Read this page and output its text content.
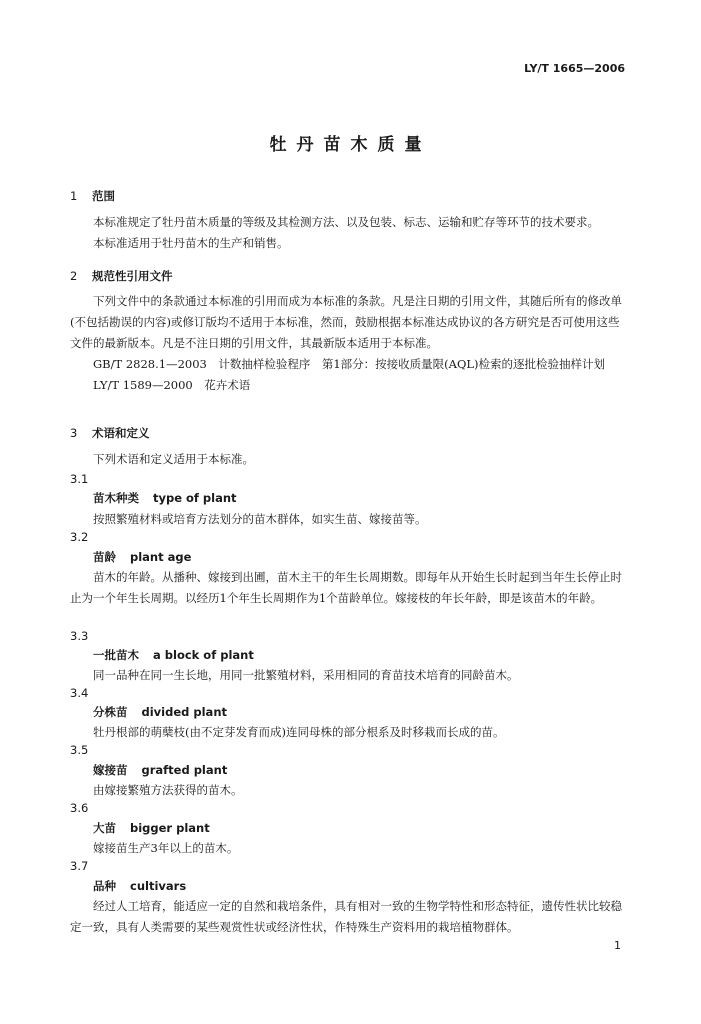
LY/T 1665—2006
牡丹苗木质量
1 范围

本标准规定了牡丹苗木质量的等级及其检测方法、以及包装、标志、运输和贮存等环节的技术要求。

本标准适用于牡丹苗木的生产和销售。

2 规范性引用文件

下列文件中的条款通过本标准的引用而成为本标准的条款。凡是注日期的引用文件，其随后所有的修改单(不包括勘误的内容)或修订版均不适用于本标准，然而，鼓励根据本标准达成协议的各方研究是否可使用这些文件的最新版本。凡是不注日期的引用文件，其最新版本适用于本标准。

GB/T 2828.1—2003　计数抽样检验程序　第1部分：按接收质量限(AQL)检索的逐批检验抽样计划

LY/T 1589—2000　花卉术语

3 术语和定义

下列术语和定义适用于本标准。

3.1
苗木种类 type of plant

按照繁殖材料或培育方法划分的苗木群体，如实生苗、嫁接苗等。

3.2
苗龄 plant age

苗木的年龄。从播种、嫁接到出圃，苗木主干的年生长周期数。即每年从开始生长时起到当年生长停止时止为一个年生长周期。以经历1个年生长周期作为1个苗龄单位。嫁接枝的年长年龄，即是该苗木的年龄。

3.3
一批苗木 a block of plant

同一品种在同一生长地，用同一批繁殖材料，采用相同的育苗技术培育的同龄苗木。

3.4
分株苗 divided plant

牡丹根部的萌蘖枝(由不定芽发育而成)连同母株的部分根系及时移栽而长成的苗。

3.5
嫁接苗 grafted plant

由嫁接繁殖方法获得的苗木。

3.6
大苗 bigger plant

嫁接苗生产3年以上的苗木。

3.7
品种 cultivars

经过人工培育，能适应一定的自然和栽培条件，具有相对一致的生物学特性和形态特征，遗传性状比较稳定一致，具有人类需要的某些观赏性状或经济性状，作特殊生产资料用的栽培植物群体。

1
